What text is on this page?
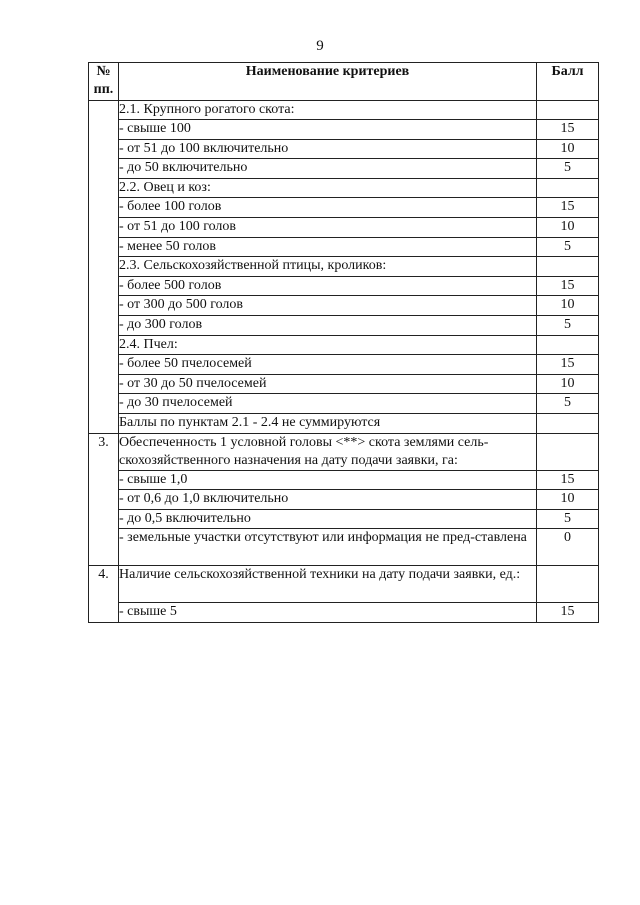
9
№ пп.	Наименование критериев	Балл
	2.1. Крупного рогатого скота:	
	- свыше 100	15
	- от 51 до 100 включительно	10
	- до 50 включительно	5
	2.2. Овец и коз:	
	- более 100 голов	15
	- от 51 до 100 голов	10
	- менее 50 голов	5
	2.3. Сельскохозяйственной птицы, кроликов:	
	- более 500 голов	15
	- от 300 до 500 голов	10
	- до 300 голов	5
	2.4. Пчел:	
	- более 50 пчелосемей	15
	- от 30 до 50 пчелосемей	10
	- до 30 пчелосемей	5
	Баллы по пунктам 2.1 - 2.4 не суммируются	
3.	Обеспеченность 1 условной головы <**> скота землями сель-скохозяйственного назначения на дату подачи заявки, га:	
	- свыше 1,0	15
	- от 0,6 до 1,0 включительно	10
	- до 0,5 включительно	5
	- земельные участки отсутствуют или информация не пред-ставлена	0
4.	Наличие сельскохозяйственной техники на дату подачи заявки, ед.:	
	- свыше 5	15
